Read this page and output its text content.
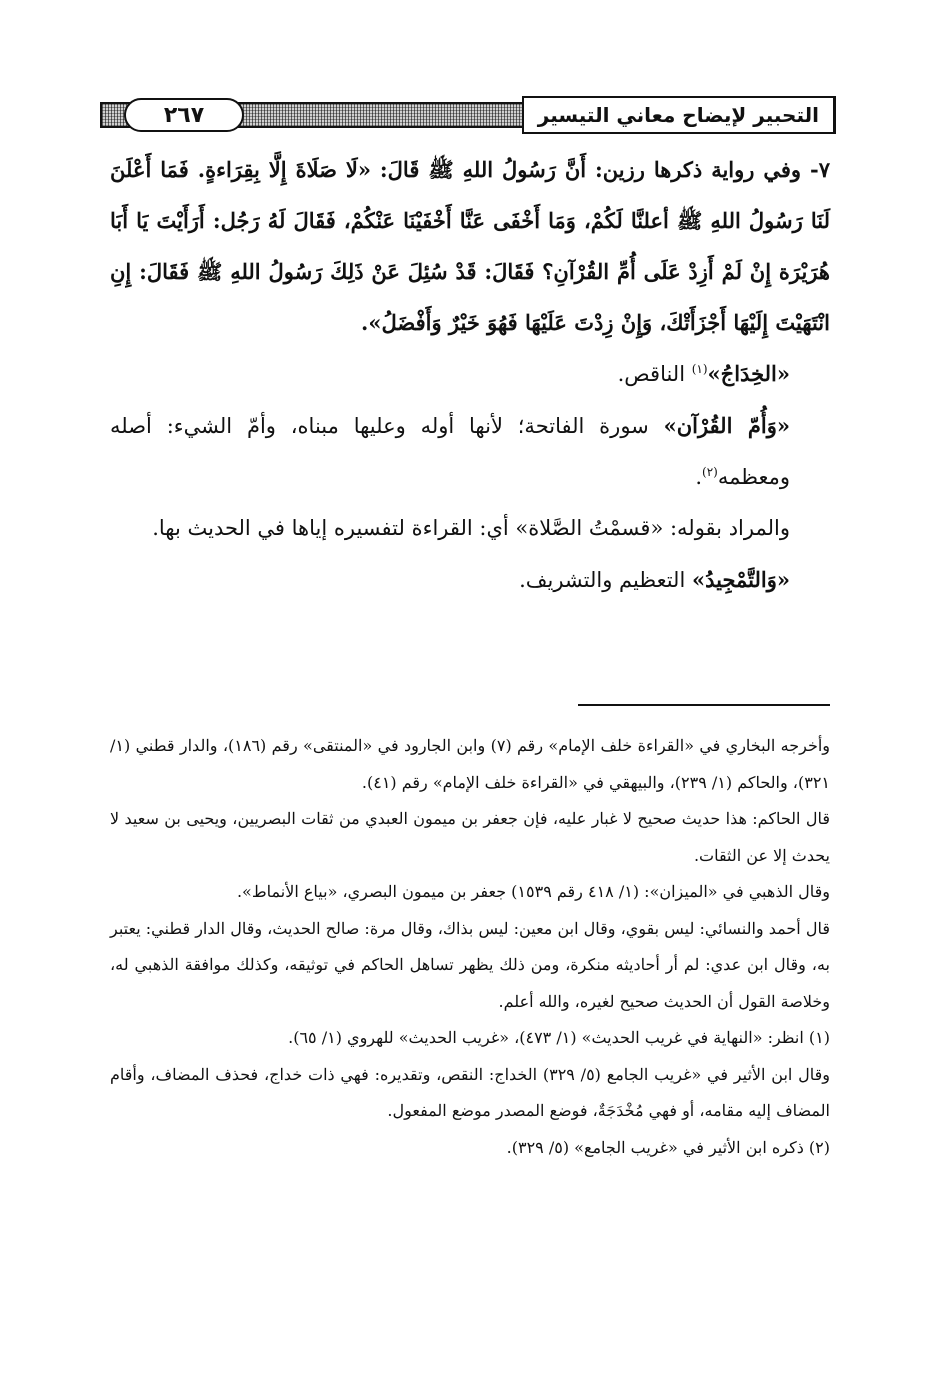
التحبير لإيضاح معاني التيسير
٢٦٧

٧- وفي رواية ذكرها رزين: أَنَّ رَسُولُ اللهِ ﷺ قَالَ: «لَا صَلَاةَ إِلَّا بِقِرَاءةٍ. فَمَا أَعْلَنَ لَنَا رَسُولُ اللهِ ﷺ أعلنَّا لَكُمْ، وَمَا أَخْفَى عَنَّا أَخْفَيْنَا عَنْكُمْ، فَقَالَ لَهُ رَجُل: أَرَأَيْتَ يَا أَبَا هُرَيْرَة إِنْ لَمْ أَزِدْ عَلَى أُمِّ القُرْآنِ؟ فَقَالَ: قَدْ سُئِلَ عَنْ ذَلِكَ رَسُولُ اللهِ ﷺ فَقَالَ: إِنِ انْتَهَيْتَ إِلَيْهَا أَجْزَأَتْكَ، وَإِنْ زِدْتَ عَلَيْهَا فَهُوَ خَيْرٌ وَأَفْضَلُ».

«الخِدَاجُ»$^{(١)}$ الناقص.

«وَأُمّ القُرْآن» سورة الفاتحة؛ لأنها أوله وعليها مبناه، وأمّ الشيء: أصله ومعظمه$^{(٢)}$.

والمراد بقوله: «قسمْتُ الصَّلاة» أي: القراءة لتفسيره إياها في الحديث بها.

«وَالتَّمْجِيدُ» التعظيم والتشريف.

وأخرجه البخاري في «القراءة خلف الإمام» رقم (٧) وابن الجارود في «المنتقى» رقم (١٨٦)، والدار قطني (١/ ٣٢١)، والحاكم (١/ ٢٣٩)، والبيهقي في «القراءة خلف الإمام» رقم (٤١).

قال الحاكم: هذا حديث صحيح لا غبار عليه، فإن جعفر بن ميمون العبدي من ثقات البصريين، ويحيى بن سعيد لا يحدث إلا عن الثقات.

وقال الذهبي في «الميزان»: (١/ ٤١٨ رقم ١٥٣٩) جعفر بن ميمون البصري، «بياع الأنماط».

قال أحمد والنسائي: ليس بقوي، وقال ابن معين: ليس بذاك، وقال مرة: صالح الحديث، وقال الدار قطني: يعتبر به، وقال ابن عدي: لم أر أحاديثه منكرة، ومن ذلك يظهر تساهل الحاكم في توثيقه، وكذلك موافقة الذهبي له، وخلاصة القول أن الحديث صحيح لغيره، والله أعلم.

(١) انظر: «النهاية في غريب الحديث» (١/ ٤٧٣)، «غريب الحديث» للهروي (١/ ٦٥).

وقال ابن الأثير في «غريب الجامع (٥/ ٣٢٩) الخداج: النقص، وتقديره: فهي ذات خداج، فحذف المضاف، وأقام المضاف إليه مقامه، أو فهي مُخْدَجَةٌ، فوضع المصدر موضع المفعول.

(٢) ذكره ابن الأثير في «غريب الجامع» (٥/ ٣٢٩).
